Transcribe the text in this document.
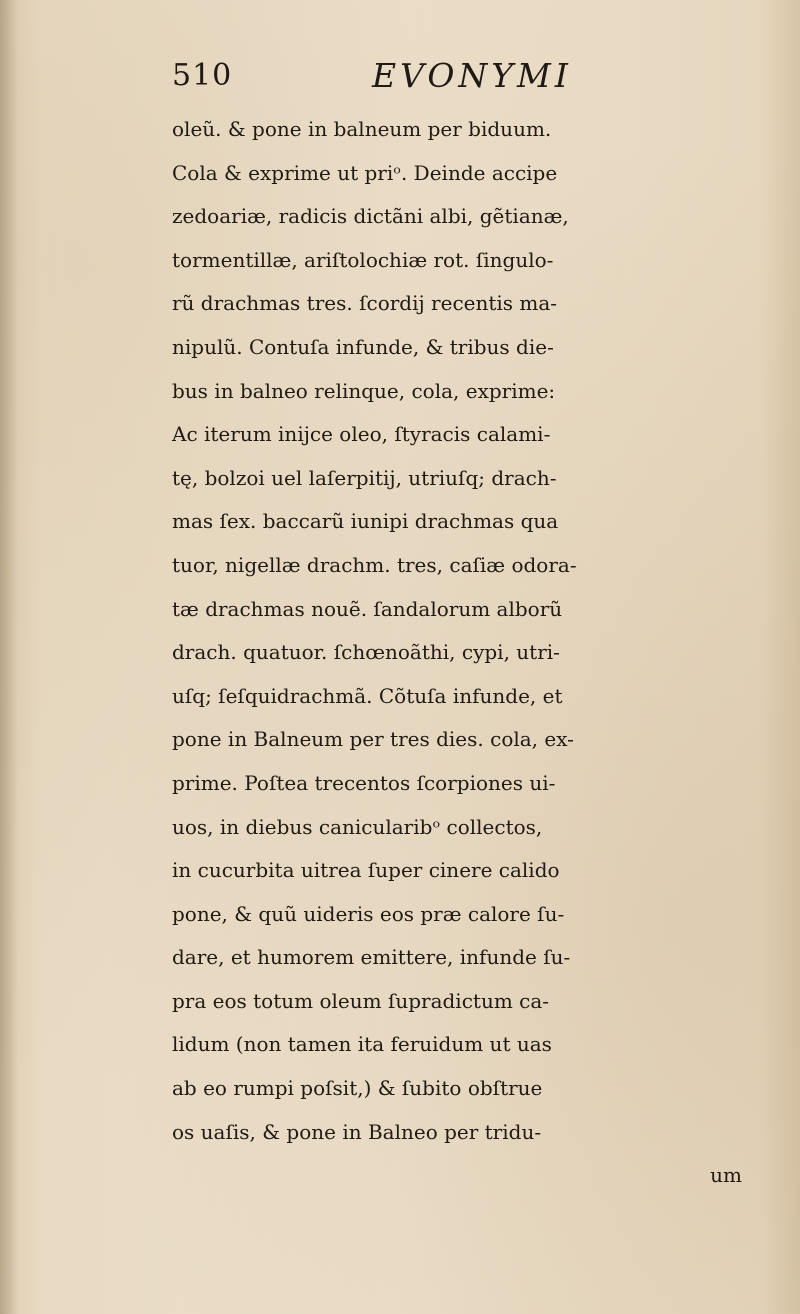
510	EVONYMI
oleũ. & pone in balneum per biduum.
Cola & exprime ut priᵒ. Deinde accipe
zedoariæ, radicis dictãni albi, gẽtianæ,
tormentillæ, ariſtolochiæ rot. ſingulo-
rũ drachmas tres. ſcordij recentis ma-
nipulũ. Contuſa infunde, & tribus die-
bus in balneo relinque, cola, exprime:
Ac iterum inijce oleo, ſtyracis calami-
tę, bolzoi uel laſerpitij, utriuſq; drach-
mas ſex. baccarũ iunipi drachmas qua
tuor, nigellæ drachm. tres, caſiæ odora-
tæ drachmas nouẽ. ſandalorum alborũ
drach. quatuor. ſchœnoãthi, cypi, utri-
uſq; ſeſquidrachmã. Cõtuſa infunde, et
pone in Balneum per tres dies. cola, ex-
prime. Poſtea trecentos ſcorpiones ui-
uos, in diebus canicularibᵒ collectos,
in cucurbita uitrea ſuper cinere calido
pone, & quũ uideris eos præ calore ſu-
dare, et humorem emittere, infunde ſu-
pra eos totum oleum ſupradictum ca-
lidum (non tamen ita feruidum ut uas
ab eo rumpi poſsit,) & ſubito obſtrue
os uaſis, & pone in Balneo per tridu-
um
